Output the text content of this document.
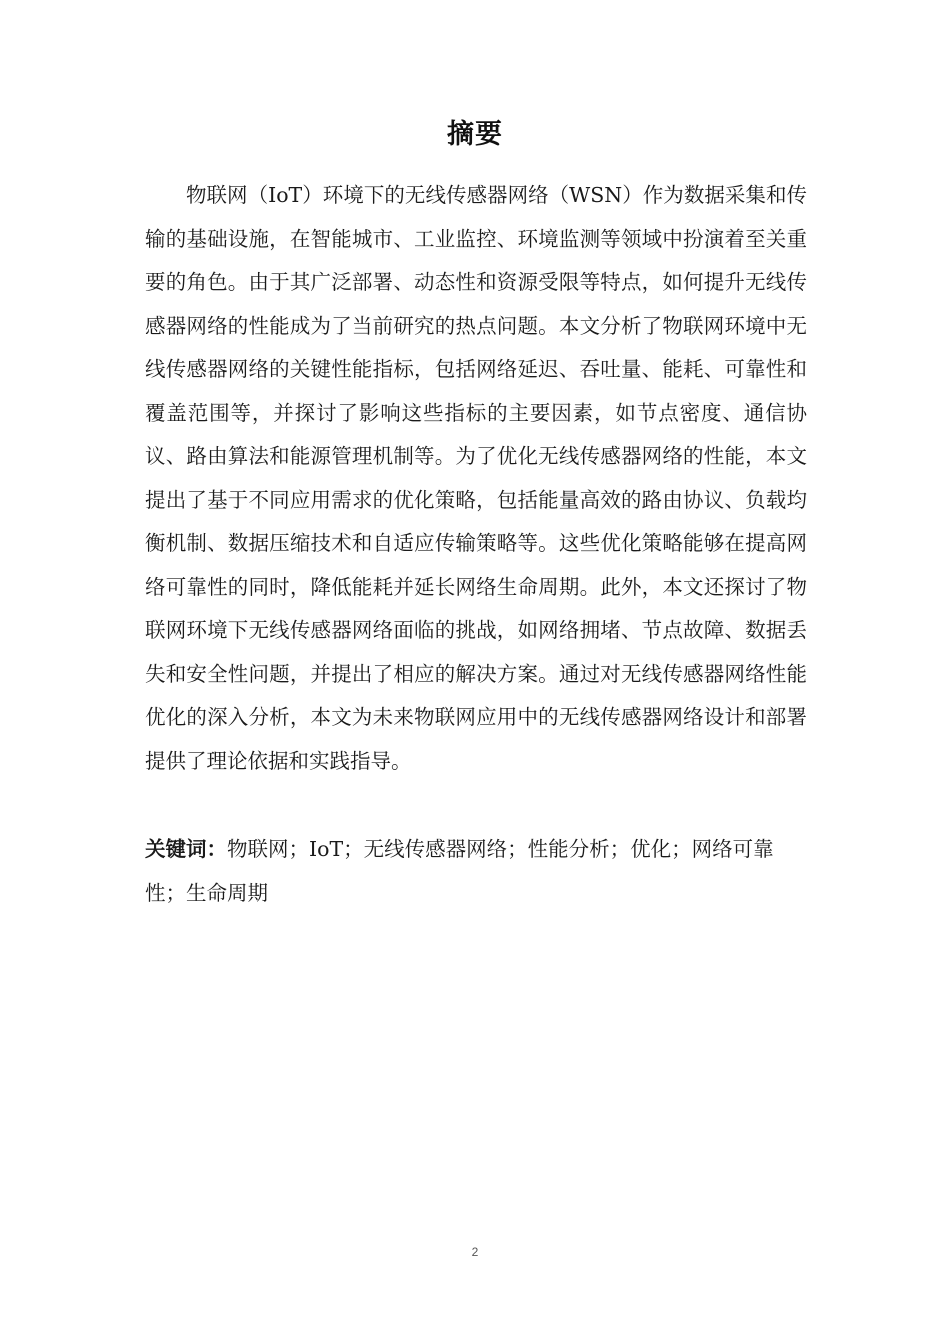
摘要

物联网（IoT）环境下的无线传感器网络（WSN）作为数据采集和传输的基础设施，在智能城市、工业监控、环境监测等领域中扮演着至关重要的角色。由于其广泛部署、动态性和资源受限等特点，如何提升无线传感器网络的性能成为了当前研究的热点问题。本文分析了物联网环境中无线传感器网络的关键性能指标，包括网络延迟、吞吐量、能耗、可靠性和覆盖范围等，并探讨了影响这些指标的主要因素，如节点密度、通信协议、路由算法和能源管理机制等。为了优化无线传感器网络的性能，本文提出了基于不同应用需求的优化策略，包括能量高效的路由协议、负载均衡机制、数据压缩技术和自适应传输策略等。这些优化策略能够在提高网络可靠性的同时，降低能耗并延长网络生命周期。此外，本文还探讨了物联网环境下无线传感器网络面临的挑战，如网络拥堵、节点故障、数据丢失和安全性问题，并提出了相应的解决方案。通过对无线传感器网络性能优化的深入分析，本文为未来物联网应用中的无线传感器网络设计和部署提供了理论依据和实践指导。

关键词：物联网；IoT；无线传感器网络；性能分析；优化；网络可靠性；生命周期

2
